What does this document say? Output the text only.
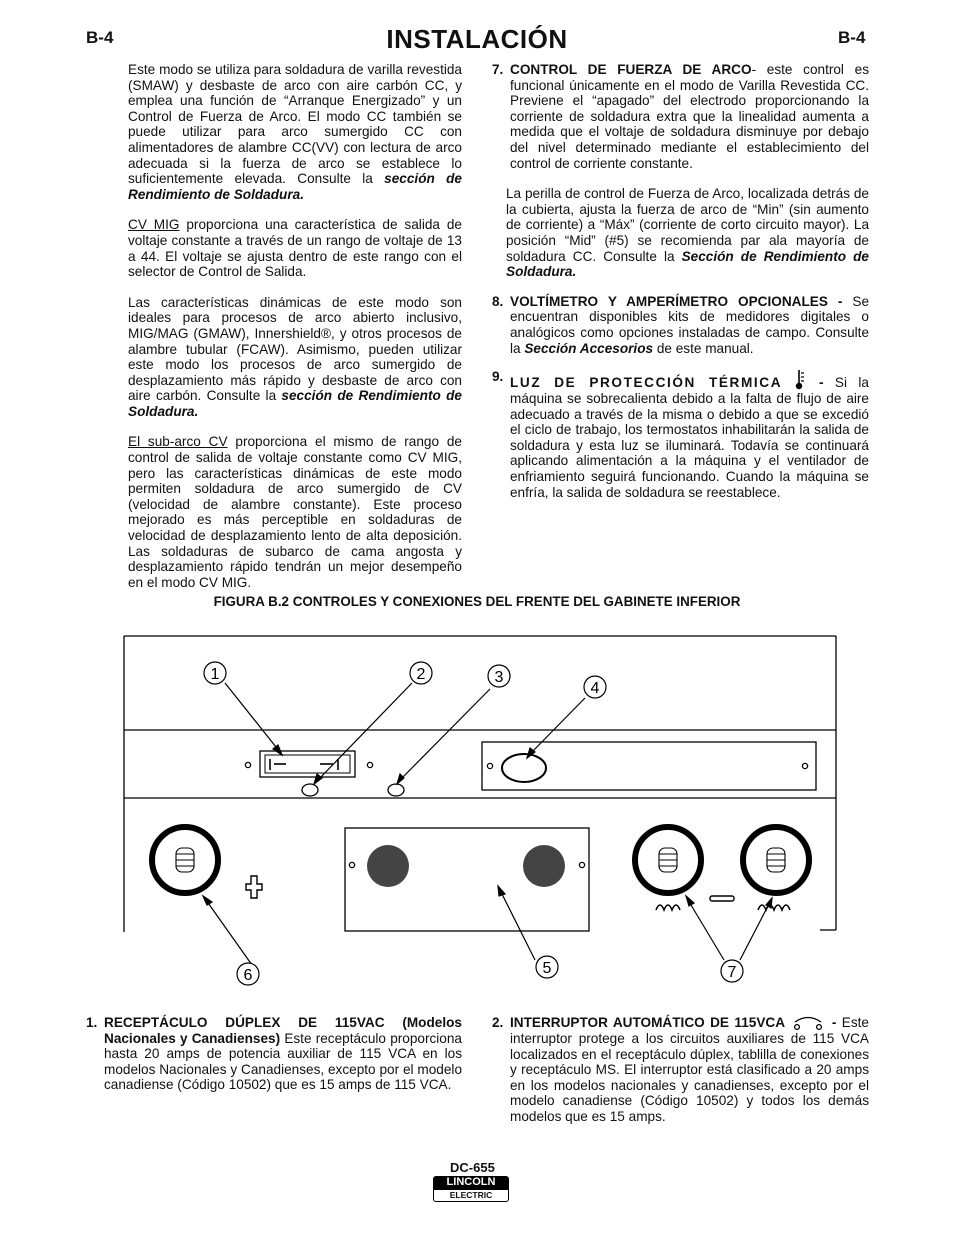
B-4	INSTALACIÓN	B-4

Este modo se utiliza para soldadura de varilla revestida (SMAW) y desbaste de arco con aire carbón CC, y emplea una función de “Arranque Energizado” y un Control de Fuerza de Arco. El modo CC también se puede utilizar para arco sumergido CC con alimentadores de alambre CC(VV) con lectura de arco adecuada si la fuerza de arco se establece lo suficientemente elevada. Consulte la sección de Rendimiento de Soldadura.

CV MIG proporciona una característica de salida de voltaje constante a través de un rango de voltaje de 13 a 44. El voltaje se ajusta dentro de este rango con el selector de Control de Salida.

Las características dinámicas de este modo son ideales para procesos de arco abierto inclusivo, MIG/MAG (GMAW), Innershield®, y otros procesos de alambre tubular (FCAW). Asimismo, pueden utilizar este modo los procesos de arco sumergido de desplazamiento más rápido y desbaste de arco con aire carbón. Consulte la sección de Rendimiento de Soldadura.

El sub-arco CV proporciona el mismo de rango de control de salida de voltaje constante como CV MIG, pero las características dinámicas de este modo permiten soldadura de arco sumergido de CV (velocidad de alambre constante). Este proceso mejorado es más perceptible en soldaduras de velocidad de desplazamiento lento de alta deposición. Las soldaduras de subarco de cama angosta y desplazamiento rápido tendrán un mejor desempeño en el modo CV MIG.

7. CONTROL DE FUERZA DE ARCO- este control es funcional únicamente en el modo de Varilla Revestida CC. Previene el “apagado” del electrodo proporcionando la corriente de soldadura extra que la linealidad aumenta a medida que el voltaje de soldadura disminuye por debajo del nivel determinado mediante el establecimiento del control de corriente constante.
La perilla de control de Fuerza de Arco, localizada detrás de la cubierta, ajusta la fuerza de arco de “Min” (sin aumento de corriente) a “Máx” (corriente de corto circuito mayor). La posición “Mid” (#5) se recomienda par ala mayoría de soldadura CC. Consulte la Sección de Rendimiento de Soldadura.
8. VOLTÍMETRO Y AMPERÍMETRO OPCIONALES - Se encuentran disponibles kits de medidores digitales o analógicos como opciones instaladas de campo. Consulte la Sección Accesorios de este manual.
9. LUZ DE PROTECCIÓN TÉRMICA  - Si la máquina se sobrecalienta debido a la falta de flujo de aire adecuado a través de la misma o debido a que se excedió el ciclo de trabajo, los termostatos inhabilitarán la salida de soldadura y esta luz se iluminará. Todavía se continuará aplicando alimentación a la máquina y el ventilador de enfriamiento seguirá funcionando. Cuando la máquina se enfría, la salida de soldadura se reestablece.
FIGURA B.2 CONTROLES Y CONEXIONES DEL FRENTE DEL GABINETE INFERIOR
1	2	3
4
5
6	7
1. RECEPTÁCULO DÚPLEX DE 115VAC (Modelos Nacionales y Canadienses) Este receptáculo proporciona hasta 20 amps de potencia auxiliar de 115 VCA en los modelos Nacionales y Canadienses, excepto por el modelo canadiense (Código 10502) que es 15 amps de 115 VCA.
2. INTERRUPTOR AUTOMÁTICO DE 115VCA	- Este interruptor protege a los circuitos auxiliares de 115 VCA localizados en el receptáculo dúplex, tablilla de conexiones y receptáculo MS. El interruptor está clasificado a 20 amps en los modelos nacionales y canadienses, excepto por el modelo canadiense (Código 10502) y todos los demás modelos que es 15 amps.
DC-655
LINCOLN
ELECTRIC
